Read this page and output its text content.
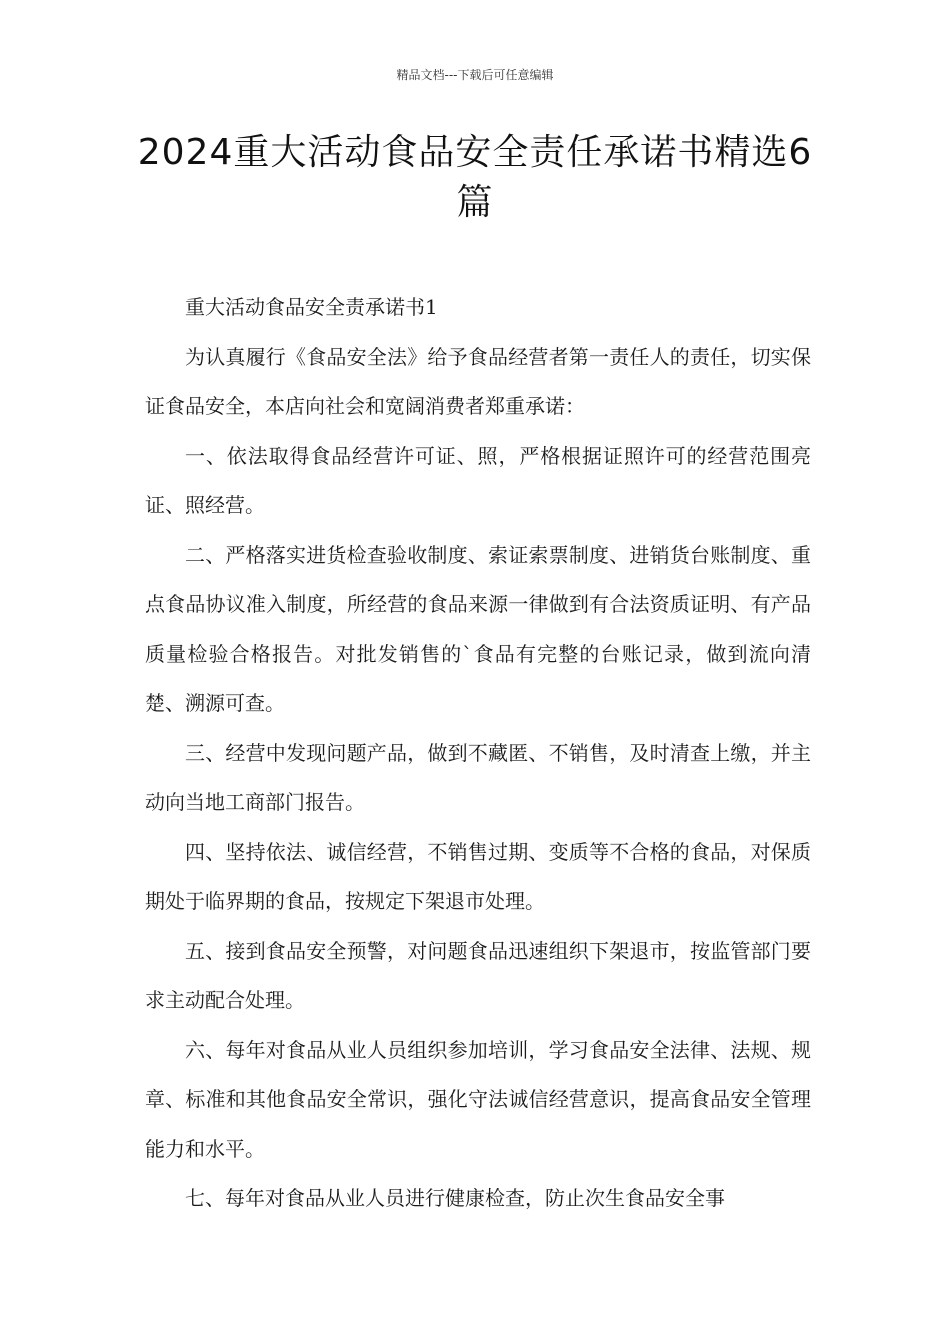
精品文档---下载后可任意编辑
2024重大活动食品安全责任承诺书精选6篇

重大活动食品安全责承诺书1

为认真履行《食品安全法》给予食品经营者第一责任人的责任，切实保证食品安全，本店向社会和宽阔消费者郑重承诺：

一、依法取得食品经营许可证、照，严格根据证照许可的经营范围亮证、照经营。

二、严格落实进货检查验收制度、索证索票制度、进销货台账制度、重点食品协议准入制度，所经营的食品来源一律做到有合法资质证明、有产品质量检验合格报告。对批发销售的`食品有完整的台账记录，做到流向清楚、溯源可查。

三、经营中发现问题产品，做到不藏匿、不销售，及时清查上缴，并主动向当地工商部门报告。

四、坚持依法、诚信经营，不销售过期、变质等不合格的食品，对保质期处于临界期的食品，按规定下架退市处理。

五、接到食品安全预警，对问题食品迅速组织下架退市，按监管部门要求主动配合处理。

六、每年对食品从业人员组织参加培训，学习食品安全法律、法规、规章、标准和其他食品安全常识，强化守法诚信经营意识，提高食品安全管理能力和水平。

七、每年对食品从业人员进行健康检查，防止次生食品安全事
